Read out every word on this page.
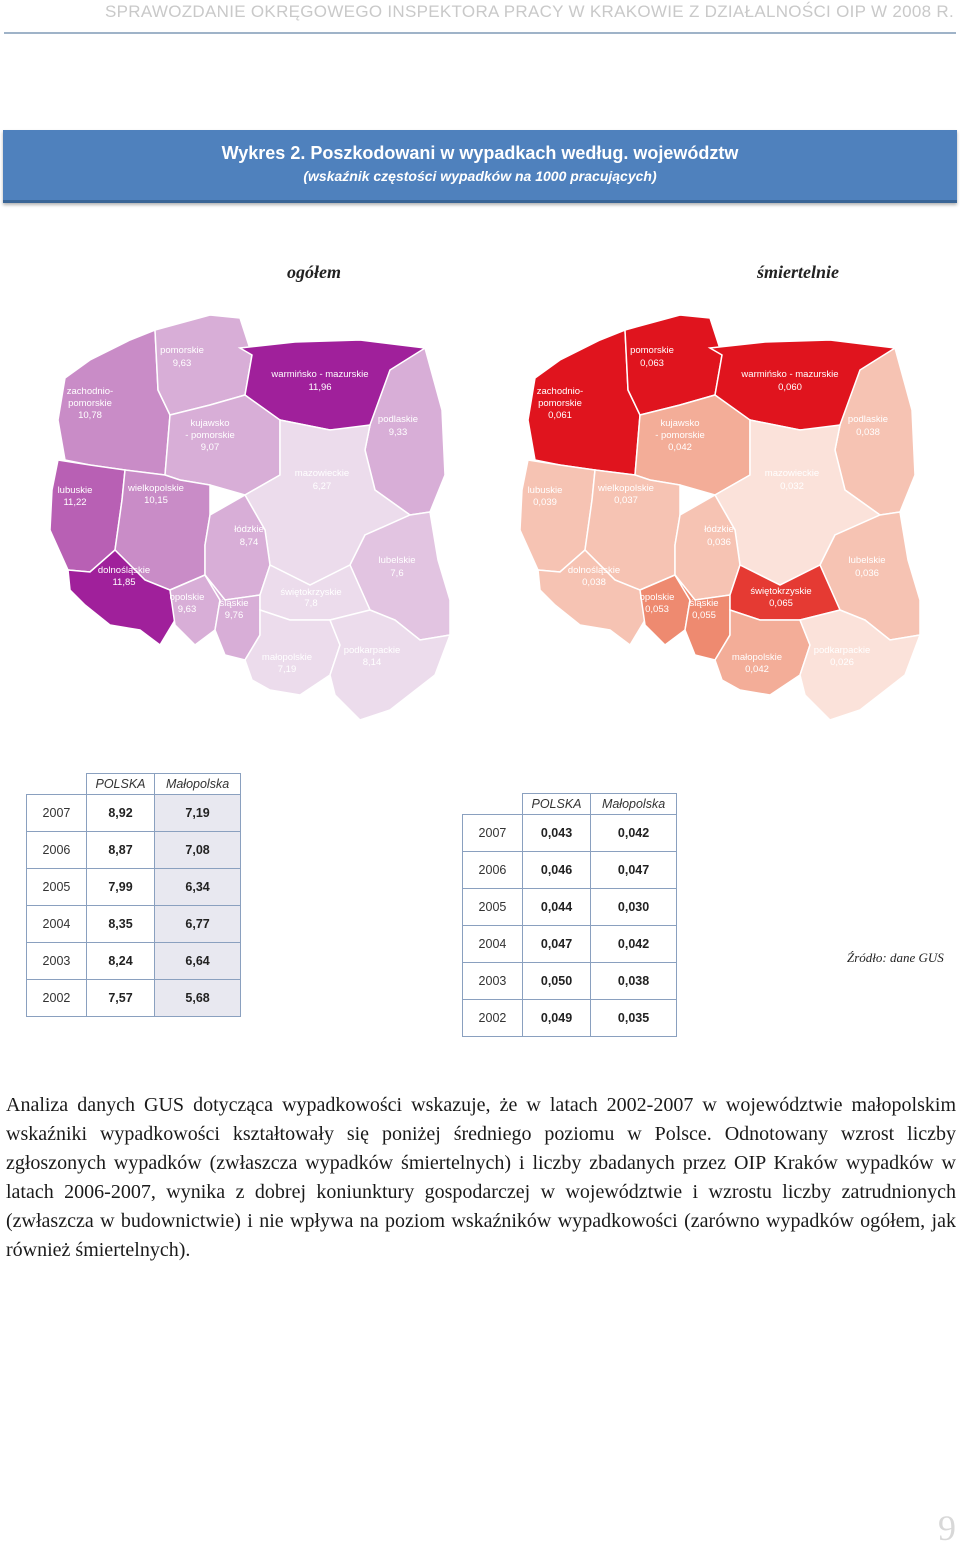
SPRAWOZDANIE OKRĘGOWEGO INSPEKTORA PRACY W KRAKOWIE Z DZIAŁALNOŚCI OIP W 2008 R.
Wykres 2. Poszkodowani w wypadkach według. województw
(wskaźnik częstości wypadków na 1000 pracujących)
ogółem	śmiertelnie
pomorskie
9,63
zachodnio-
pomorskie
10,78
warmińsko - mazurskie
11,96
kujawsko
- pomorskie
9,07
podlaskie
9,33
lubuskie
11,22
wielkopolskie
10,15
mazowieckie
6,27
łódzkie
8,74
lubelskie
7,6
dolnośląskie
11,85
opolskie
9,63
śląskie
9,76
świętokrzyskie
7,8
małopolskie
7,19
podkarpackie
8,14
pomorskie
0,063
zachodnio-
pomorskie
0,061
warmińsko - mazurskie
0,060
kujawsko
- pomorskie
0,042
podlaskie
0,038
lubuskie
0,039
wielkopolskie
0,037
mazowieckie
0,032
łódzkie
0,036
lubelskie
0,036
dolnośląskie
0,038
opolskie
0,053
śląskie
0,055
świętokrzyskie
0,065
małopolskie
0,042
podkarpackie
0,026
	POLSKA	Małopolska
2007	8,92	7,19
2006	8,87	7,08
2005	7,99	6,34
2004	8,35	6,77
2003	8,24	6,64
2002	7,57	5,68
	POLSKA	Małopolska
2007	0,043	0,042
2006	0,046	0,047
2005	0,044	0,030
2004	0,047	0,042
2003	0,050	0,038
2002	0,049	0,035
Źródło: dane GUS
Analiza danych GUS dotycząca wypadkowości wskazuje, że w latach 2002-2007 w województwie małopolskim wskaźniki wypadkowości kształtowały się poniżej średniego poziomu w Polsce. Odnotowany wzrost liczby zgłoszonych wypadków (zwłaszcza wypadków śmiertelnych) i liczby zbadanych przez OIP Kraków wypadków w latach 2006-2007, wynika z dobrej koniunktury gospodarczej w województwie i wzrostu liczby zatrudnionych (zwłaszcza w budownictwie) i nie wpływa na poziom wskaźników wypadkowości (zarówno wypadków ogółem, jak również śmiertelnych).
9
